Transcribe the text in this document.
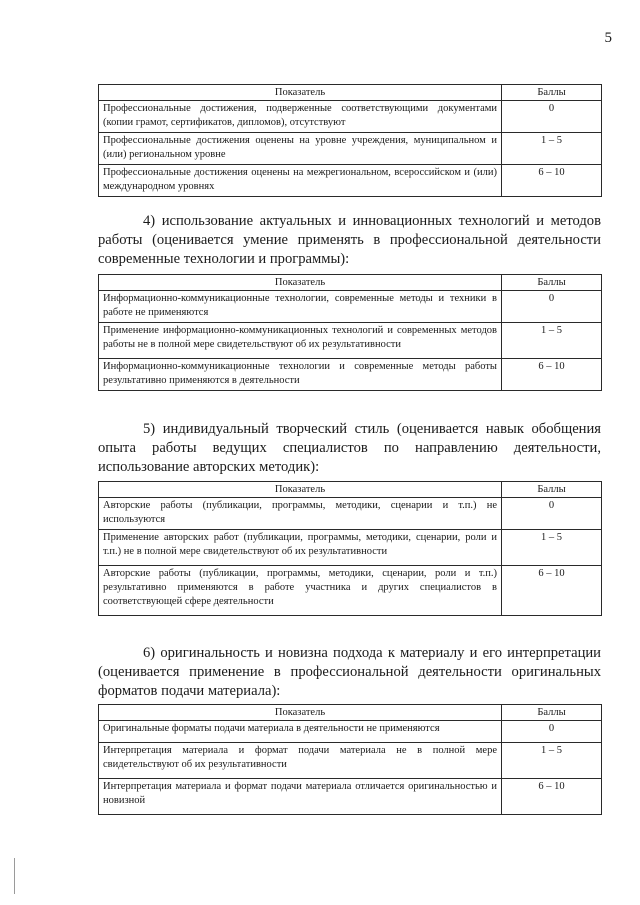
5
Показатель	Баллы
Профессиональные достижения, подверженные соответствующими документами (копии грамот, сертификатов, дипломов), отсутствуют	0
Профессиональные достижения оценены на уровне учреждения, муниципальном и (или) региональном уровне	1 – 5
Профессиональные достижения оценены на межрегиональном, всероссийском и (или) международном уровнях	6 – 10

4) использование актуальных и инновационных технологий и методов работы (оценивается умение применять в профессиональной деятельности современные технологии и программы):

Показатель	Баллы
Информационно-коммуникационные технологии, современные методы и техники в работе не применяются	0
Применение информационно-коммуникационных технологий и современных методов работы не в полной мере свидетельствуют об их результативности	1 – 5
Информационно-коммуникационные технологии и современные методы работы результативно применяются в деятельности	6 – 10

5) индивидуальный творческий стиль (оценивается навык обобщения опыта работы ведущих специалистов по направлению деятельности, использование авторских методик):

Показатель	Баллы
Авторские работы (публикации, программы, методики, сценарии и т.п.) не используются	0
Применение авторских работ (публикации, программы, методики, сценарии, роли и т.п.) не в полной мере свидетельствуют об их результативности	1 – 5
Авторские работы (публикации, программы, методики, сценарии, роли и т.п.) результативно применяются в работе участника и других специалистов в соответствующей сфере деятельности	6 – 10

6) оригинальность и новизна подхода к материалу и его интерпретации (оценивается применение в профессиональной деятельности оригинальных форматов подачи материала):

Показатель	Баллы
Оригинальные форматы подачи материала в деятельности не применяются	0
Интерпретация материала и формат подачи материала не в полной мере свидетельствуют об их результативности	1 – 5
Интерпретация материала и формат подачи материала отличается оригинальностью и новизной	6 – 10
